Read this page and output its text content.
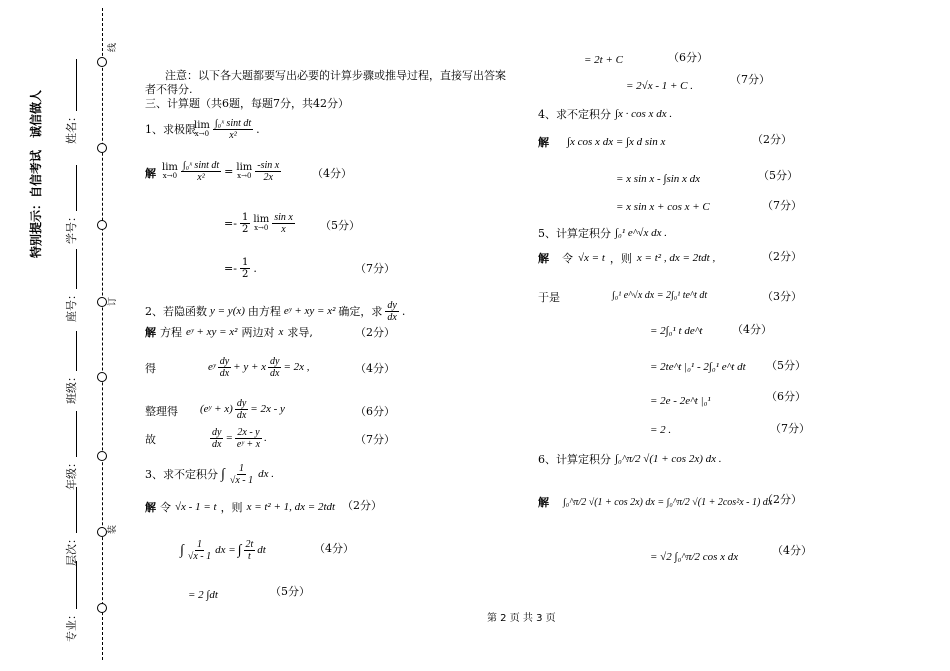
线
订
装
特别提示：自信考试　诚信做人 姓名：
学号：
座号：
班级：
年级：
层次：
专业：
注意：以下各大题都要写出必要的计算步骤或推导过程，直接写出答案
者不得分.
三、计算题（共6题，每题7分，共42分）
1、求极限
lim
$x\to 0 \frac{\text{∫₀ˣ sint dt}}{\text{x²}}$ .
解 lim
$x\to 0 \frac{\text{∫₀ˣ sint dt}}{\text{x²}} = \lim$
$x\to 0 \frac{\text{-sin x}}{2x}$	（4分）
=- $\frac{1}{2}$ lim
$x\to 0 \frac{\text{sin x}}{x} (5$分）
=- $\frac{1}{2}$ .	（7分）
2、若隐函数 y = y(x) 由方程 eʸ + xy = x² 确定，求 $\frac{dy}{dx}$ .
解 方程 eʸ + xy = x² 两边对 x 求导,	（2分）
得	eʸ $\frac{dy}{dx} + y + x \frac{dy}{dx} = 2x$ ,	（4分）
整理得 (eʸ + $x) \frac{dy}{dx} = 2x - y$	（6分）
故	$\frac{dy}{dx} = \frac{2x - y}{\text{eʸ + x}}$ .	（7分）
3、求不定积分 ∫ $\frac{1}{√x - 1}$ dx .
解 令 √x - 1 = t ，则 x = t² + 1, dx = 2tdt （2分）
∫ $\frac{1}{√x - 1}$ dx = ∫ $\frac{2t}{t}$ dt	（4分）
= 2 ∫dt	（5分）
第 2 页 共 3 页
= 2t + C	（6分）
= 2√x - 1 + C .	（7分）
4、求不定积分 ∫x · cos x dx .
解 ∫x cos x dx = ∫x d sin x	（2分）
= x sin x - ∫sin x dx	（5分）
= x sin x + cos x + C	（7分）
5、计算定积分 ∫₀¹ e^√x dx .
解 令 √x = t ，则 x = t² , dx = 2tdt ,	（2分）
于是	∫₀¹ e^√x dx = 2∫₀¹ te^t dt	（3分）
= 2∫₀¹ t de^t	（4分）
= 2te^t |₀¹ - 2∫₀¹ e^t dt （5分）
= 2e - 2e^t |₀¹	（6分）
= 2 .	（7分）
6、计算定积分 ∫₀^π/2 √(1 + cos 2x) dx .
解 ∫₀^π/2 √(1 + cos 2x) dx = ∫₀^π/2 √(1 + 2cos²x - 1) dx
（2分）
= √2 ∫₀^π/2 cos x dx	（4分）
